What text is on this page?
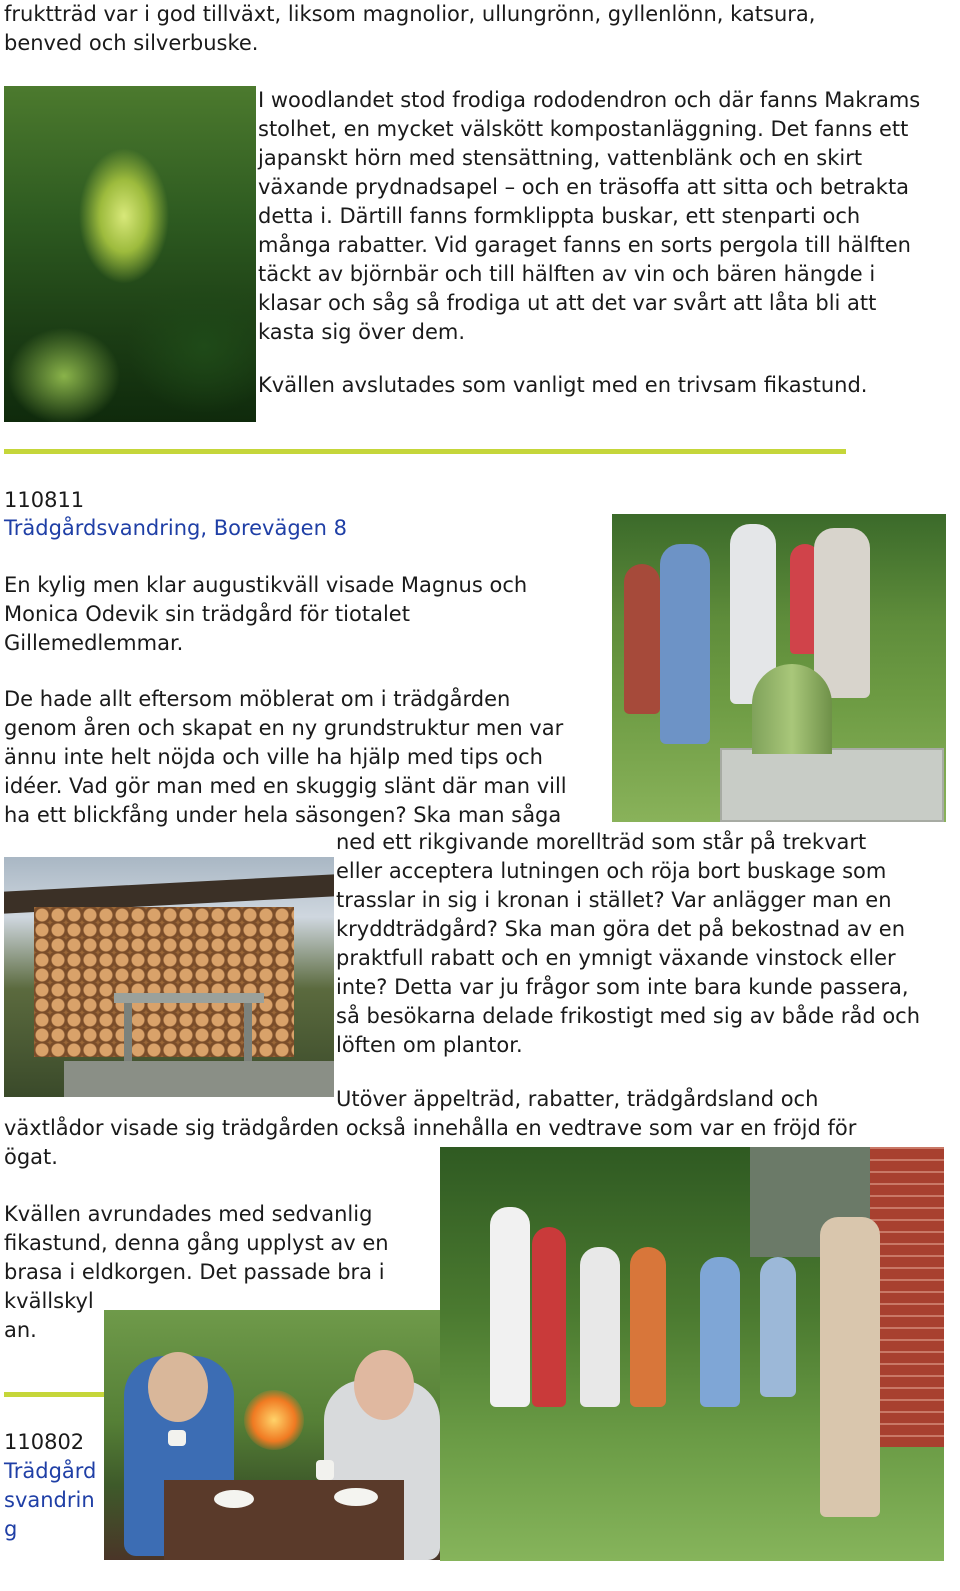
fruktträd var i god tillväxt, liksom magnolior, ullungrönn, gyllenlönn, katsura,
benved och silverbuske.
I woodlandet stod frodiga rododendron och där fanns Makrams
stolhet, en mycket välskött kompostanläggning. Det fanns ett
japanskt hörn med stensättning, vattenblänk och en skirt
växande prydnadsapel – och en träsoffa att sitta och betrakta
detta i. Därtill fanns formklippta buskar, ett stenparti och
många rabatter. Vid garaget fanns en sorts pergola till hälften
täckt av björnbär och till hälften av vin och bären hängde i
klasar och såg så frodiga ut att det var svårt att låta bli att
kasta sig över dem.
Kvällen avslutades som vanligt med en trivsam fikastund.
110811
Trädgårdsvandring, Borevägen 8
En kylig men klar augustikväll visade Magnus och
Monica Odevik sin trädgård för tiotalet
Gillemedlemmar.
De hade allt eftersom möblerat om i trädgården
genom åren och skapat en ny grundstruktur men var
ännu inte helt nöjda och ville ha hjälp med tips och
idéer. Vad gör man med en skuggig slänt där man vill
ha ett blickfång under hela säsongen? Ska man såga
ned ett rikgivande morellträd som står på trekvart
eller acceptera lutningen och röja bort buskage som
trasslar in sig i kronan i stället? Var anlägger man en
kryddträdgård? Ska man göra det på bekostnad av en
praktfull rabatt och en ymnigt växande vinstock eller
inte? Detta var ju frågor som inte bara kunde passera,
så besökarna delade frikostigt med sig av både råd och
löften om plantor.
Utöver äppelträd, rabatter, trädgårdsland och
växtlådor visade sig trädgården också innehålla en vedtrave som var en fröjd för
ögat.
Kvällen avrundades med sedvanlig
fikastund, denna gång upplyst av en
brasa i eldkorgen. Det passade bra i
kvällskyl
an.
110802
Trädgård
svandrin
g
